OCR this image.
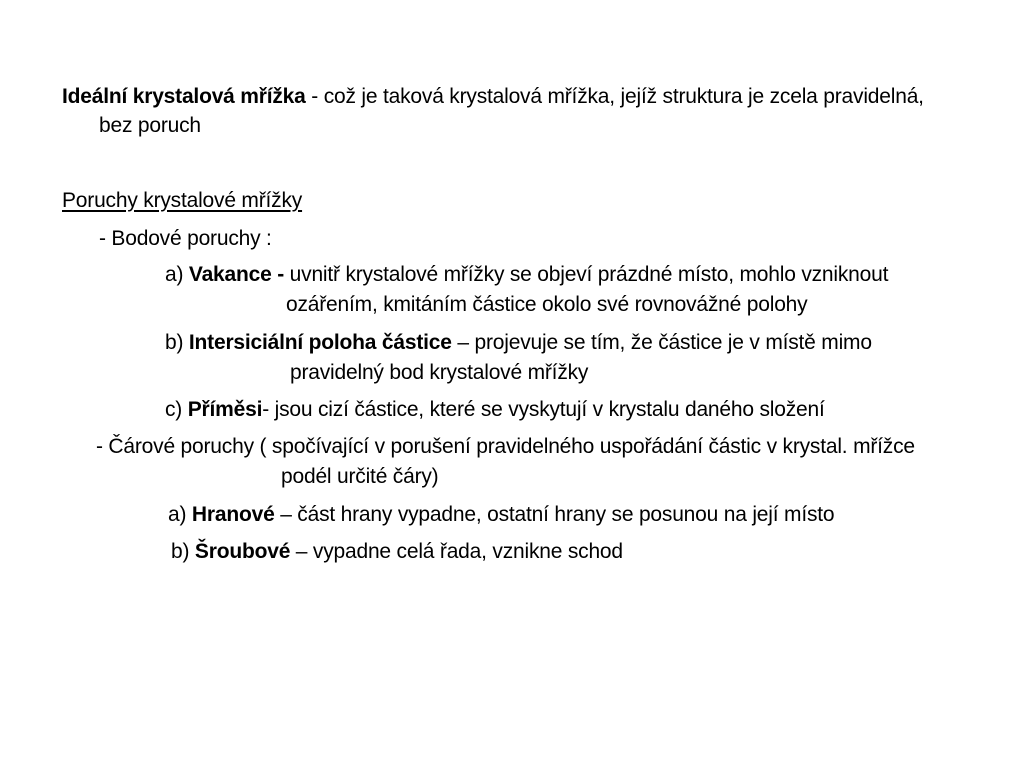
Ideální krystalová mřížka - což je taková krystalová mřížka, jejíž struktura je zcela pravidelná,
bez poruch
Poruchy krystalové mřížky
- Bodové poruchy :
a) Vakance - uvnitř krystalové mřížky se objeví prázdné místo, mohlo vzniknout
ozářením, kmitáním částice okolo své rovnovážné polohy
b) Intersiciální poloha částice – projevuje se tím, že částice je v místě mimo
pravidelný bod krystalové mřížky
c) Příměsi- jsou cizí částice, které se vyskytují v krystalu daného složení
- Čárové poruchy ( spočívající v porušení pravidelného uspořádání částic v krystal. mřížce
podél určité čáry)
a) Hranové – část hrany vypadne, ostatní hrany se posunou na její místo
b) Šroubové – vypadne celá řada, vznikne schod
